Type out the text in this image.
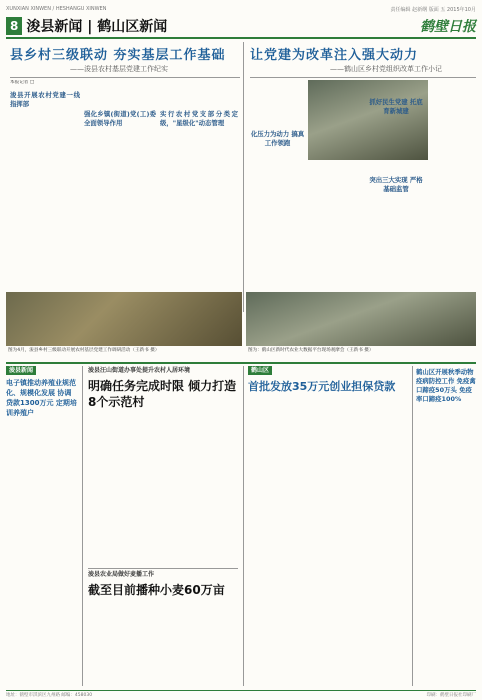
XUNXIAN XINWEN / HESHANGU XINWEN	责任编辑 赵新纲 版面 五 2015年10月
8 浚县新闻 | 鹤山区新闻	鹤壁日报
县乡村三级联动 夯实基层工作基础
——浚县农村基层党建工作纪实
本报记者 □
浚县开展农村党建一线指挥部
强化乡镇(街道)党(工)委全面领导作用
实行农村党支部分类定级，"星级化"动态管理
让党建为改革注入强大动力
——鹤山区乡村党组织改革工作小记
化压力为动力 搞真工作领跑
抓好民生党建 托底育新城建
突出三大实现 严格基础监管
图为4月，浚县乡村三级联动开展农村基层党建工作调研活动（王新书 摄）	图为：鹤山区新时代农业大数据平台现场观摩会（王新书 摄）
浚县新闻
电子镇推动养殖业规范化、规模化发展 协调贷款1300万元 定期培训养殖户
浚县汪山街道办事处提升农村人居环境
明确任务完成时限 倾力打造8个示范村
浚县农业局做好麦播工作
截至目前播种小麦60万亩
鹤山区
首批发放35万元创业担保贷款
鹤山区开展秋季动物疫病防控工作 免疫禽口蹄疫50万头 免疫率口蹄疫100%
地址：鹤壁市淇滨区九州路 邮编：458030	印刷：鹤壁日报社印刷厂
